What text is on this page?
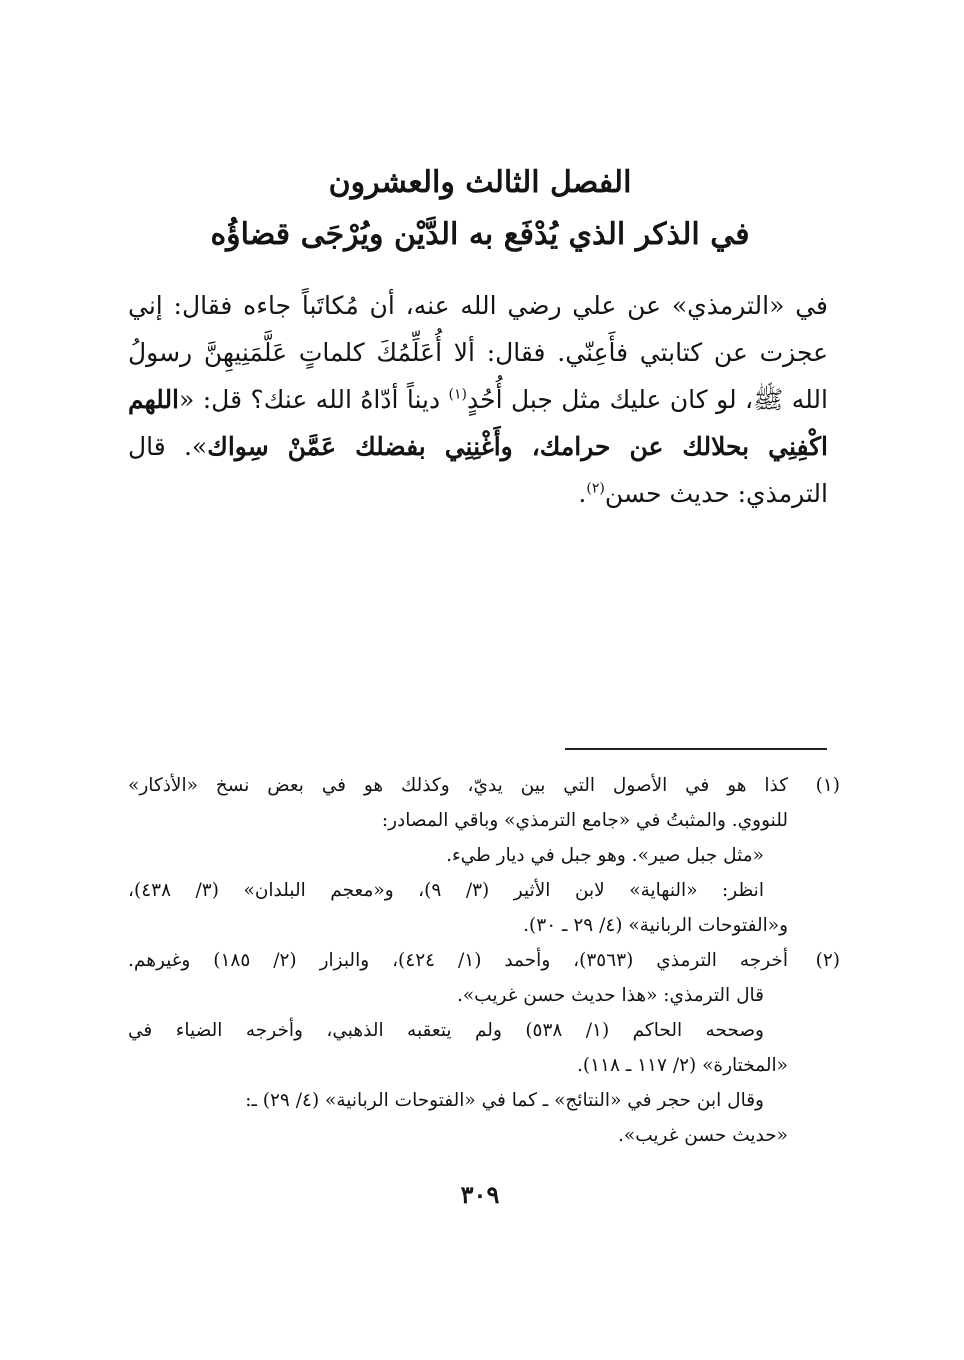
الفصل الثالث والعشرون
في الذكر الذي يُدْفَع به الدَّيْن ويُرْجَى قضاؤُه
في «الترمذي» عن علي رضي الله عنه، أن مُكاتَباً جاءه فقال: إني عجزت عن كتابتي فأَعِنّي. فقال: ألا أُعَلِّمُكَ كلماتٍ عَلَّمَنِيهِنَّ رسولُ الله ﷺ، لو كان عليك مثل جبل أُحُدٍ$^{(١)}$ ديناً أدّاهُ الله عنك؟ قل: «اللهم اكْفِنِي بحلالك عن حرامك، وأَغْنِنِي بفضلك عَمَّنْ سِواك». قال الترمذي: حديث حسن$^{(٢)}$.
(١)
كذا هو في الأصول التي بين يديّ، وكذلك هو في بعض نسخ «الأذكار»
للنووي. والمثبتُ في «جامع الترمذي» وباقي المصادر:
«مثل جبل صير». وهو جبل في ديار طيء.
انظر: «النهاية» لابن الأثير (٣/ ٩)، و«معجم البلدان» (٣/ ٤٣٨)،
و«الفتوحات الربانية» (٤/ ٢٩ ـ ٣٠).
(٢)
أخرجه الترمذي (٣٥٦٣)، وأحمد (١/ ٤٢٤)، والبزار (٢/ ١٨٥) وغيرهم.
قال الترمذي: «هذا حديث حسن غريب».
وصححه الحاكم (١/ ٥٣٨) ولم يتعقبه الذهبي، وأخرجه الضياء في
«المختارة» (٢/ ١١٧ ـ ١١٨).
وقال ابن حجر في «النتائج» ـ كما في «الفتوحات الربانية» (٤/ ٢٩) ـ:
«حديث حسن غريب».
٣٠٩
